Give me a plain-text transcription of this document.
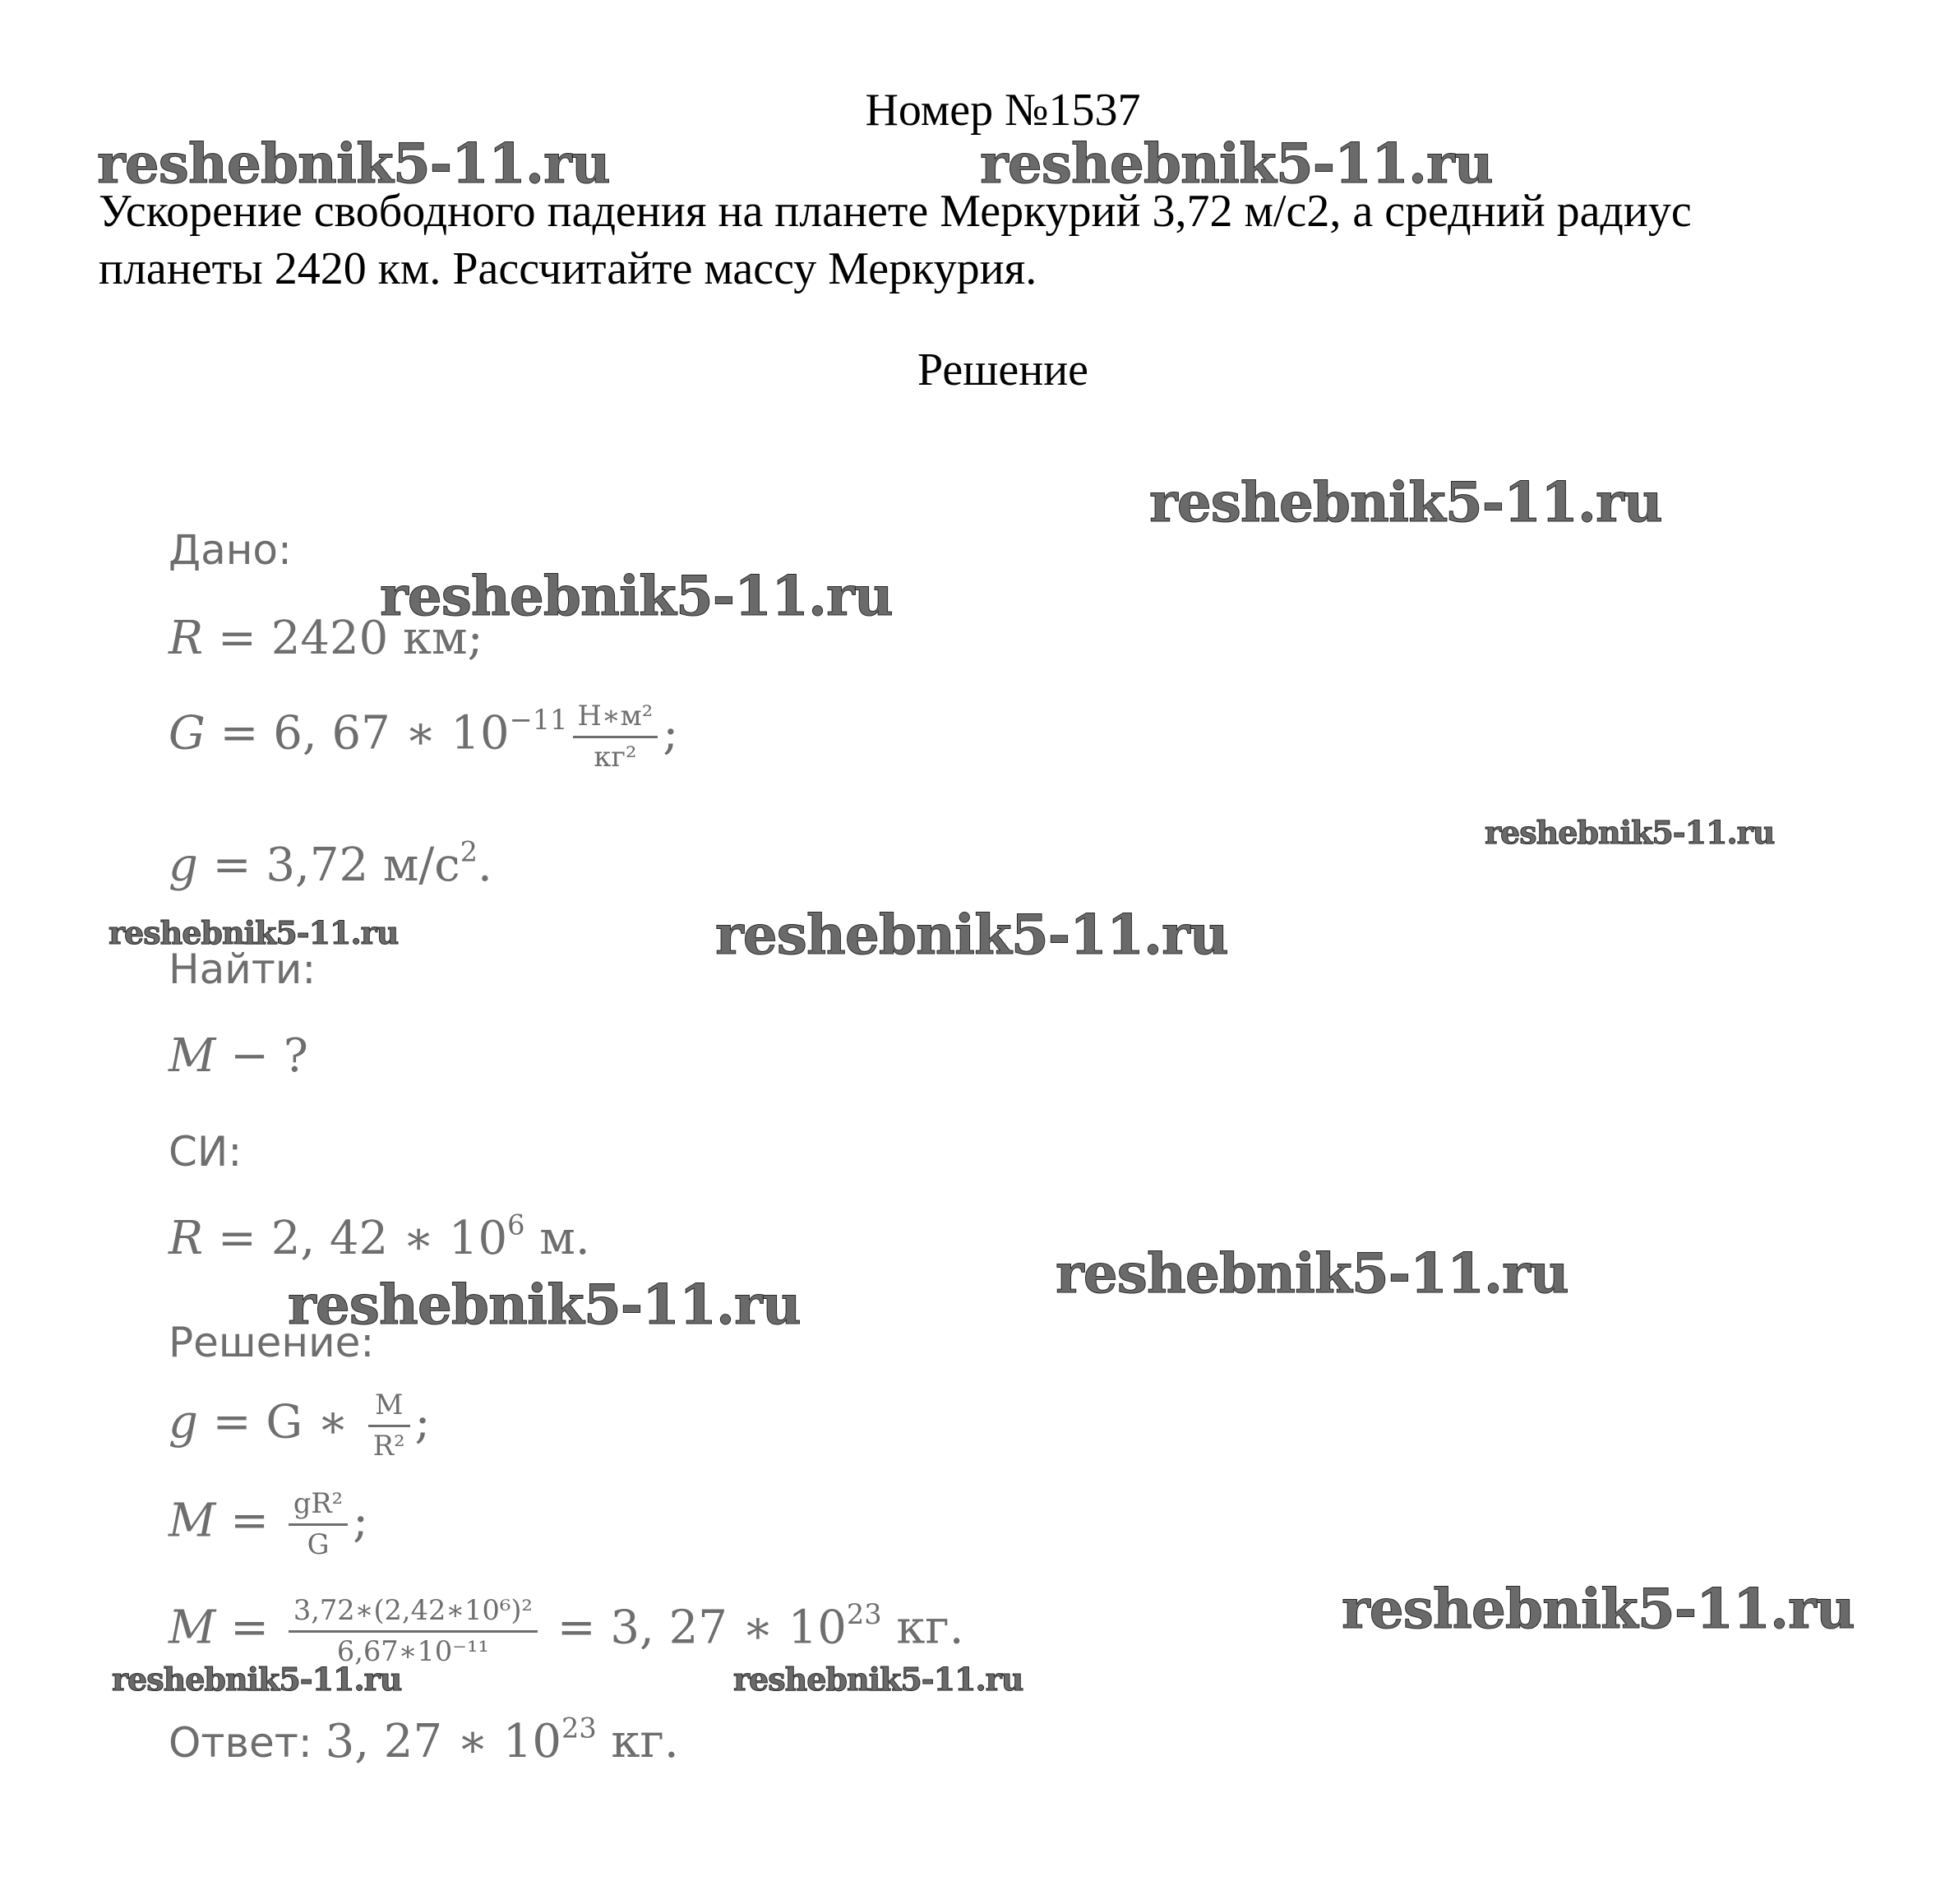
Номер №1537

Ускорение свободного падения на планете Меркурий 3,72 м/с2, а средний радиус

планеты 2420 км. Рассчитайте массу Меркурия.

Решение
Дано:
R = 2420 км;
G = 6, 67 ∗ $10^{-11} \frac{\text{Н∗м²}}{\text{кг²}}$ ;
g = 3,72 $м/с^2$.
Найти:
M − ?
СИ:
R = 2, 42 ∗ $10^6$ м.
Решение:
g = G ∗ $\frac{M}{\text{R²}}$ ;
$M = \frac{\text{gR²}}{G}$ ;
$M = \frac{\text{3,72∗(2,42∗10⁶)²}}{\text{6,67∗10⁻¹¹}} = 3$, 27 ∗ $10^{23}$ кг.
Ответ: 3, 27 ∗ $10^{23}$ кг.
reshebnik5-11.ru	reshebnik5-11.ru
reshebnik5-11.ru
reshebnik5-11.ru
reshebnik5-11.ru
reshebnik5-11.ru	reshebnik5-11.ru
reshebnik5-11.ru
reshebnik5-11.ru
reshebnik5-11.ru
reshebnik5-11.ru	reshebnik5-11.ru
